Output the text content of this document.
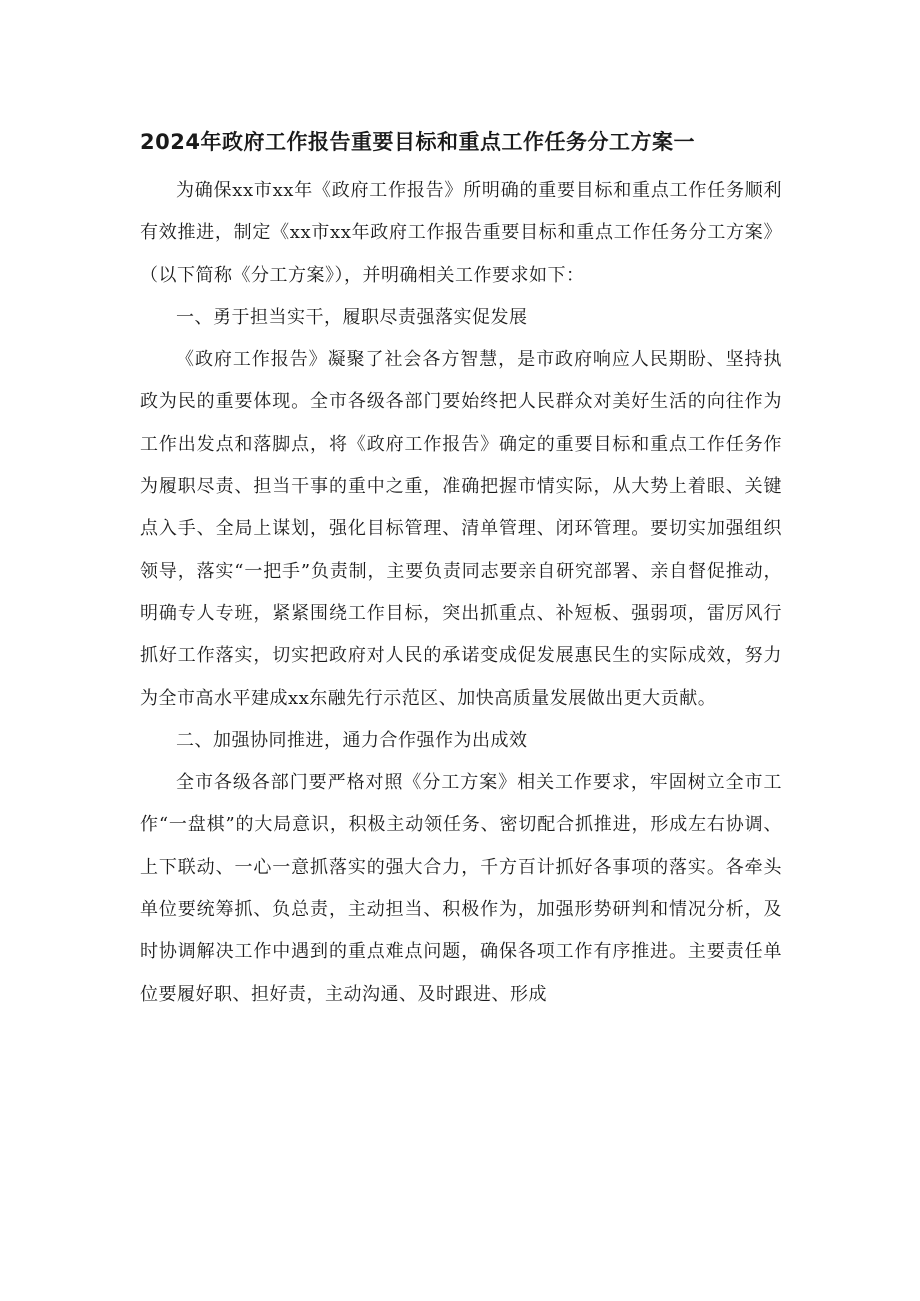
2024年政府工作报告重要目标和重点工作任务分工方案一

为确保xx市xx年《政府工作报告》所明确的重要目标和重点工作任务顺利有效推进，制定《xx市xx年政府工作报告重要目标和重点工作任务分工方案》（以下简称《分工方案》），并明确相关工作要求如下：

一、勇于担当实干，履职尽责强落实促发展

《政府工作报告》凝聚了社会各方智慧，是市政府响应人民期盼、坚持执政为民的重要体现。全市各级各部门要始终把人民群众对美好生活的向往作为工作出发点和落脚点，将《政府工作报告》确定的重要目标和重点工作任务作为履职尽责、担当干事的重中之重，准确把握市情实际，从大势上着眼、关键点入手、全局上谋划，强化目标管理、清单管理、闭环管理。要切实加强组织领导，落实“一把手”负责制，主要负责同志要亲自研究部署、亲自督促推动，明确专人专班，紧紧围绕工作目标，突出抓重点、补短板、强弱项，雷厉风行抓好工作落实，切实把政府对人民的承诺变成促发展惠民生的实际成效，努力为全市高水平建成xx东融先行示范区、加快高质量发展做出更大贡献。

二、加强协同推进，通力合作强作为出成效

全市各级各部门要严格对照《分工方案》相关工作要求，牢固树立全市工作“一盘棋”的大局意识，积极主动领任务、密切配合抓推进，形成左右协调、上下联动、一心一意抓落实的强大合力，千方百计抓好各事项的落实。各牵头单位要统筹抓、负总责，主动担当、积极作为，加强形势研判和情况分析，及时协调解决工作中遇到的重点难点问题，确保各项工作有序推进。主要责任单位要履好职、担好责，主动沟通、及时跟进、形成
